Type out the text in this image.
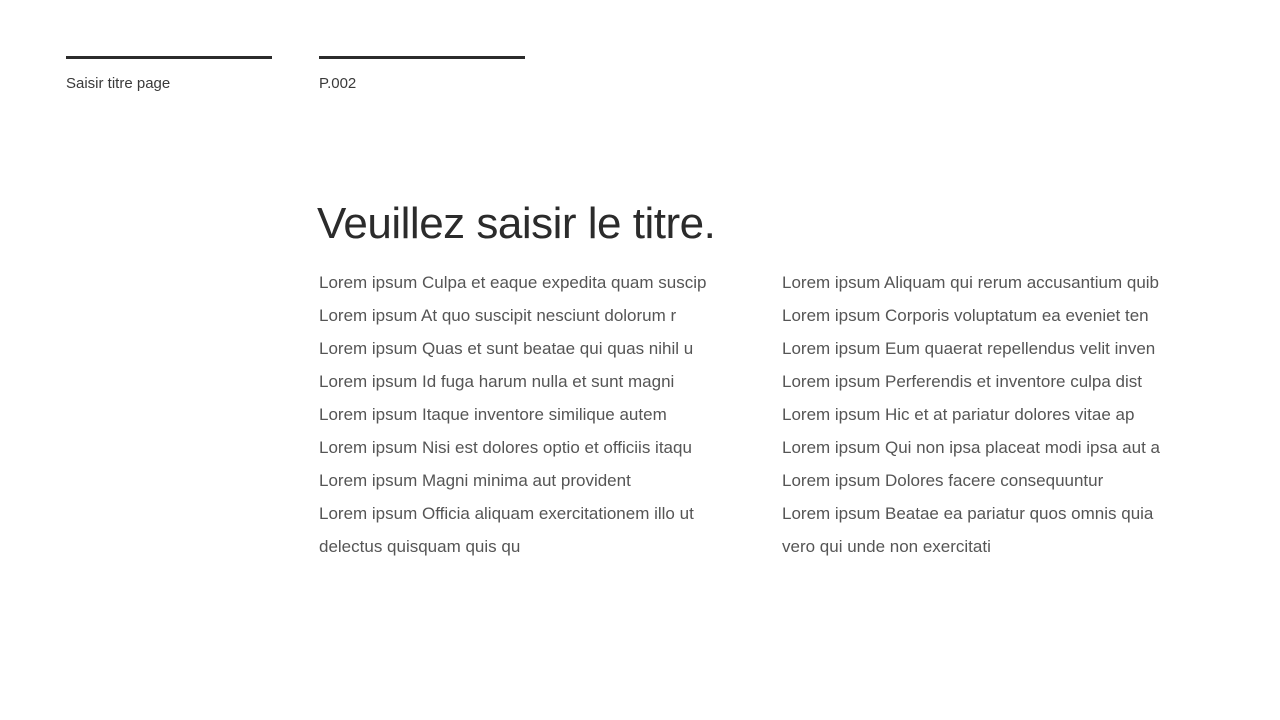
Saisir titre page	P.002
Veuillez saisir le titre.
Lorem ipsum Culpa et eaque expedita quam suscip
Lorem ipsum At quo suscipit nesciunt dolorum r
Lorem ipsum Quas et sunt beatae qui quas nihil u
Lorem ipsum Id fuga harum nulla et sunt magni
Lorem ipsum Itaque inventore similique autem
Lorem ipsum Nisi est dolores optio et officiis itaqu
Lorem ipsum Magni minima aut provident
Lorem ipsum Officia aliquam exercitationem illo ut
delectus quisquam quis qu
Lorem ipsum Aliquam qui rerum accusantium quib
Lorem ipsum Corporis voluptatum ea eveniet ten
Lorem ipsum Eum quaerat repellendus velit inven
Lorem ipsum Perferendis et inventore culpa dist
Lorem ipsum Hic et at pariatur dolores vitae ap
Lorem ipsum Qui non ipsa placeat modi ipsa aut a
Lorem ipsum Dolores facere consequuntur
Lorem ipsum Beatae ea pariatur quos omnis quia
vero qui unde non exercitati
